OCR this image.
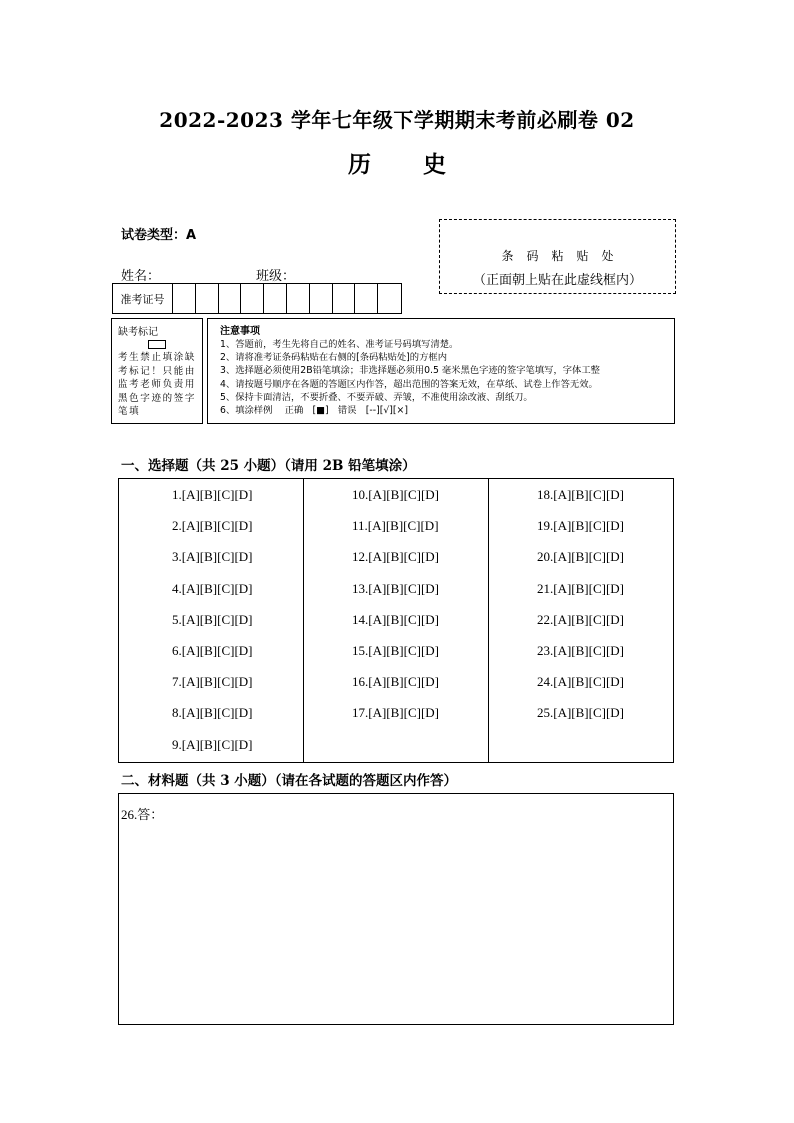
2022-2023 学年七年级下学期期末考前必刷卷 02
历 史
试卷类型：A
姓名：	班级：
条码粘贴处
（正面朝上贴在此虚线框内）
准考证号
缺考标记
考生禁止填涂缺考标记！只能由监考老师负责用黑色字迹的签字笔填
注意事项
1、答题前，考生先将自己的姓名、准考证号码填写清楚。
2、请将准考证条码粘贴在右侧的[条码粘贴处]的方框内
3、选择题必须使用2B铅笔填涂；非选择题必须用0.5 毫米黑色字迹的签字笔填写，字体工整
4、请按题号顺序在各题的答题区内作答，超出范围的答案无效，在草纸、试卷上作答无效。
5、保持卡面清洁，不要折叠、不要弄破、弄皱，不准使用涂改液、刮纸刀。
6、填涂样例　 正确　[■]　错误　[--][√][×]
一、选择题（共 25 小题）（请用 2B 铅笔填涂）
1.[A][B][C][D]
2.[A][B][C][D]
3.[A][B][C][D]
4.[A][B][C][D]
5.[A][B][C][D]
6.[A][B][C][D]
7.[A][B][C][D]
8.[A][B][C][D]
9.[A][B][C][D]
10.[A][B][C][D]
11.[A][B][C][D]
12.[A][B][C][D]
13.[A][B][C][D]
14.[A][B][C][D]
15.[A][B][C][D]
16.[A][B][C][D]
17.[A][B][C][D]
18.[A][B][C][D]
19.[A][B][C][D]
20.[A][B][C][D]
21.[A][B][C][D]
22.[A][B][C][D]
23.[A][B][C][D]
24.[A][B][C][D]
25.[A][B][C][D]
二、材料题（共 3 小题）（请在各试题的答题区内作答）
26.答：
